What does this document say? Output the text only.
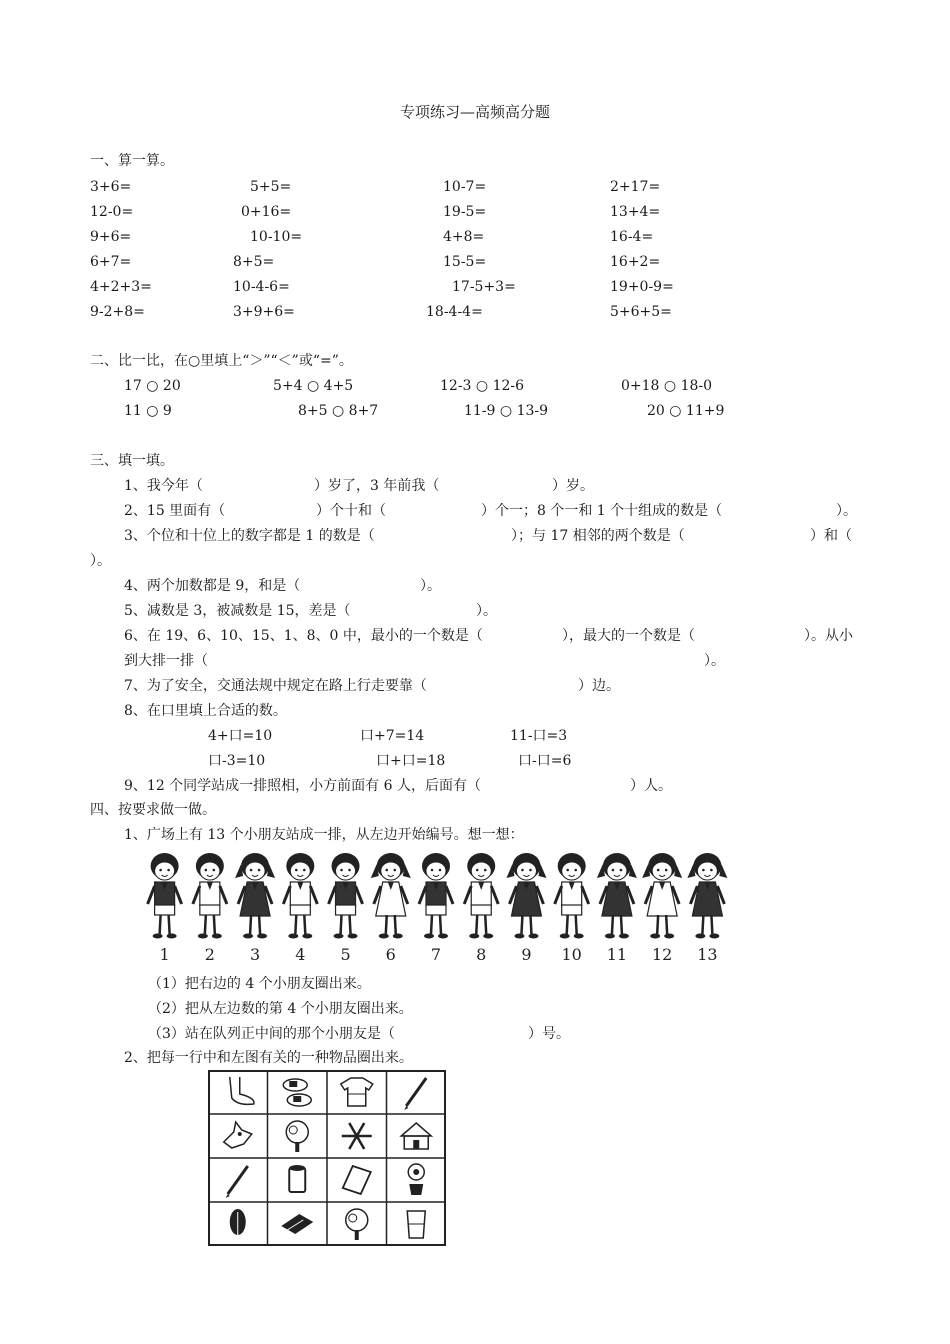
专项练习—高频高分题
一、算一算。
3+6=	5+5=	10-7=	2+17=
12-0=	0+16=	19-5=	13+4=
9+6=	10-10=	4+8=	16-4=
6+7=	8+5=	15-5=	16+2=
4+2+3=	10-4-6=	17-5+3=	19+0-9=
9-2+8=	3+9+6=	18-4-4=	5+6+5=
二、比一比，在○里填上“＞”“＜”或“=”。
17 ○ 20	5+4 ○ 4+5	12-3 ○ 12-6	0+18 ○ 18-0
11 ○ 9	8+5 ○ 8+7	11-9 ○ 13-9	20 ○ 11+9
三、填一填。
1、我今年（	）岁了，3 年前我（	）岁。
2、15 里面有（	）个十和（	）个一；8 个一和 1 个十组成的数是（	）。
3、个位和十位上的数字都是 1 的数是（	）；与 17 相邻的两个数是（	）和（
）。
4、两个加数都是 9，和是（	）。
5、减数是 3，被减数是 15，差是（	）。
6、在 19、6、10、15、1、8、0 中，最小的一个数是（	），最大的一个数是（	）。从小
到大排一排（	）。
7、为了安全，交通法规中规定在路上行走要靠（	）边。
8、在口里填上合适的数。
4+口=10	口+7=14	11-口=3
口-3=10	口+口=18	口-口=6
9、12 个同学站成一排照相，小方前面有 6 人，后面有（	）人。
四、按要求做一做。
1、广场上有 13 个小朋友站成一排，从左边开始编号。想一想：
1 2 3 4 5 6 7 8 9 10 11 12 13
（1）把右边的 4 个小朋友圈出来。
（2）把从左边数的第 4 个小朋友圈出来。
（3）站在队列正中间的那个小朋友是（	）号。
2、把每一行中和左图有关的一种物品圈出来。
